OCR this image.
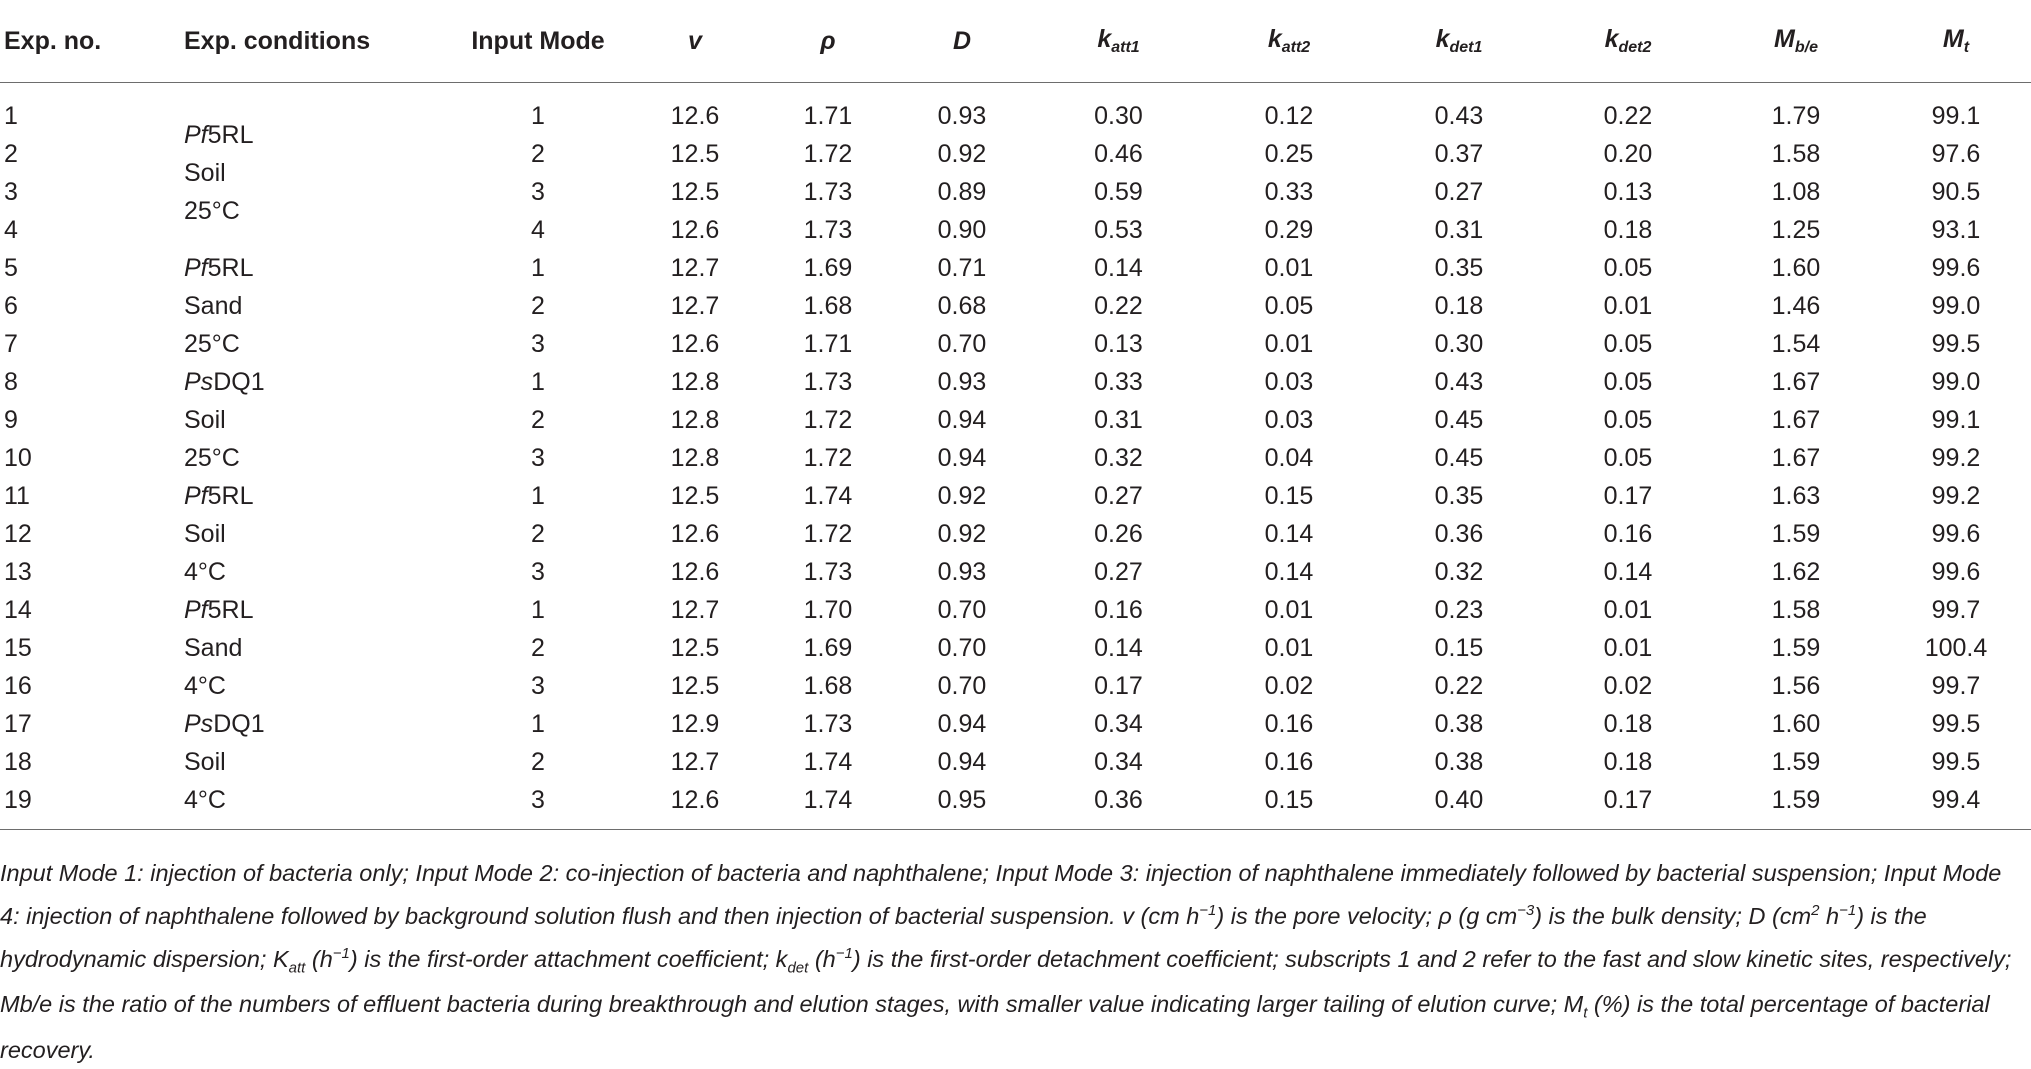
Exp. no.	Exp. conditions	Input Mode	v	ρ	D	$k_{att1}$	$k_{att2}$	$k_{det1}$	$k_{det2}$	$M_{b/e}$	$M_t$
1	Pf5RL	1	12.6	1.71	0.93	0.30	0.12	0.43	0.22	1.79	99.1
2	Soil	2	12.5	1.72	0.92	0.46	0.25	0.37	0.20	1.58	97.6
3	25°C	3	12.5	1.73	0.89	0.59	0.33	0.27	0.13	1.08	90.5
4		4	12.6	1.73	0.90	0.53	0.29	0.31	0.18	1.25	93.1
5	Pf5RL	1	12.7	1.69	0.71	0.14	0.01	0.35	0.05	1.60	99.6
6	Sand	2	12.7	1.68	0.68	0.22	0.05	0.18	0.01	1.46	99.0
7	25°C	3	12.6	1.71	0.70	0.13	0.01	0.30	0.05	1.54	99.5
8	PsDQ1	1	12.8	1.73	0.93	0.33	0.03	0.43	0.05	1.67	99.0
9	Soil	2	12.8	1.72	0.94	0.31	0.03	0.45	0.05	1.67	99.1
10	25°C	3	12.8	1.72	0.94	0.32	0.04	0.45	0.05	1.67	99.2
11	Pf5RL	1	12.5	1.74	0.92	0.27	0.15	0.35	0.17	1.63	99.2
12	Soil	2	12.6	1.72	0.92	0.26	0.14	0.36	0.16	1.59	99.6
13	4°C	3	12.6	1.73	0.93	0.27	0.14	0.32	0.14	1.62	99.6
14	Pf5RL	1	12.7	1.70	0.70	0.16	0.01	0.23	0.01	1.58	99.7
15	Sand	2	12.5	1.69	0.70	0.14	0.01	0.15	0.01	1.59	100.4
16	4°C	3	12.5	1.68	0.70	0.17	0.02	0.22	0.02	1.56	99.7
17	PsDQ1	1	12.9	1.73	0.94	0.34	0.16	0.38	0.18	1.60	99.5
18	Soil	2	12.7	1.74	0.94	0.34	0.16	0.38	0.18	1.59	99.5
19	4°C	3	12.6	1.74	0.95	0.36	0.15	0.40	0.17	1.59	99.4
Input Mode 1: injection of bacteria only; Input Mode 2: co-injection of bacteria and naphthalene; Input Mode 3: injection of naphthalene immediately followed by bacterial suspension; Input Mode 4: injection of naphthalene followed by background solution flush and then injection of bacterial suspension. v (cm $h^{-1}$) is the pore velocity; ρ (g $cm^{-3}$) is the bulk density; D ($cm^2$ $h^{-1}$) is the hydrodynamic dispersion; $K_{att}$ $(h^{-1})$ is the first-order attachment coefficient; $k_{det}$ $(h^{-1})$ is the first-order detachment coefficient; subscripts 1 and 2 refer to the fast and slow kinetic sites, respectively; Mb/e is the ratio of the numbers of effluent bacteria during breakthrough and elution stages, with smaller value indicating larger tailing of elution curve; $M_t$ (%) is the total percentage of bacterial recovery.
